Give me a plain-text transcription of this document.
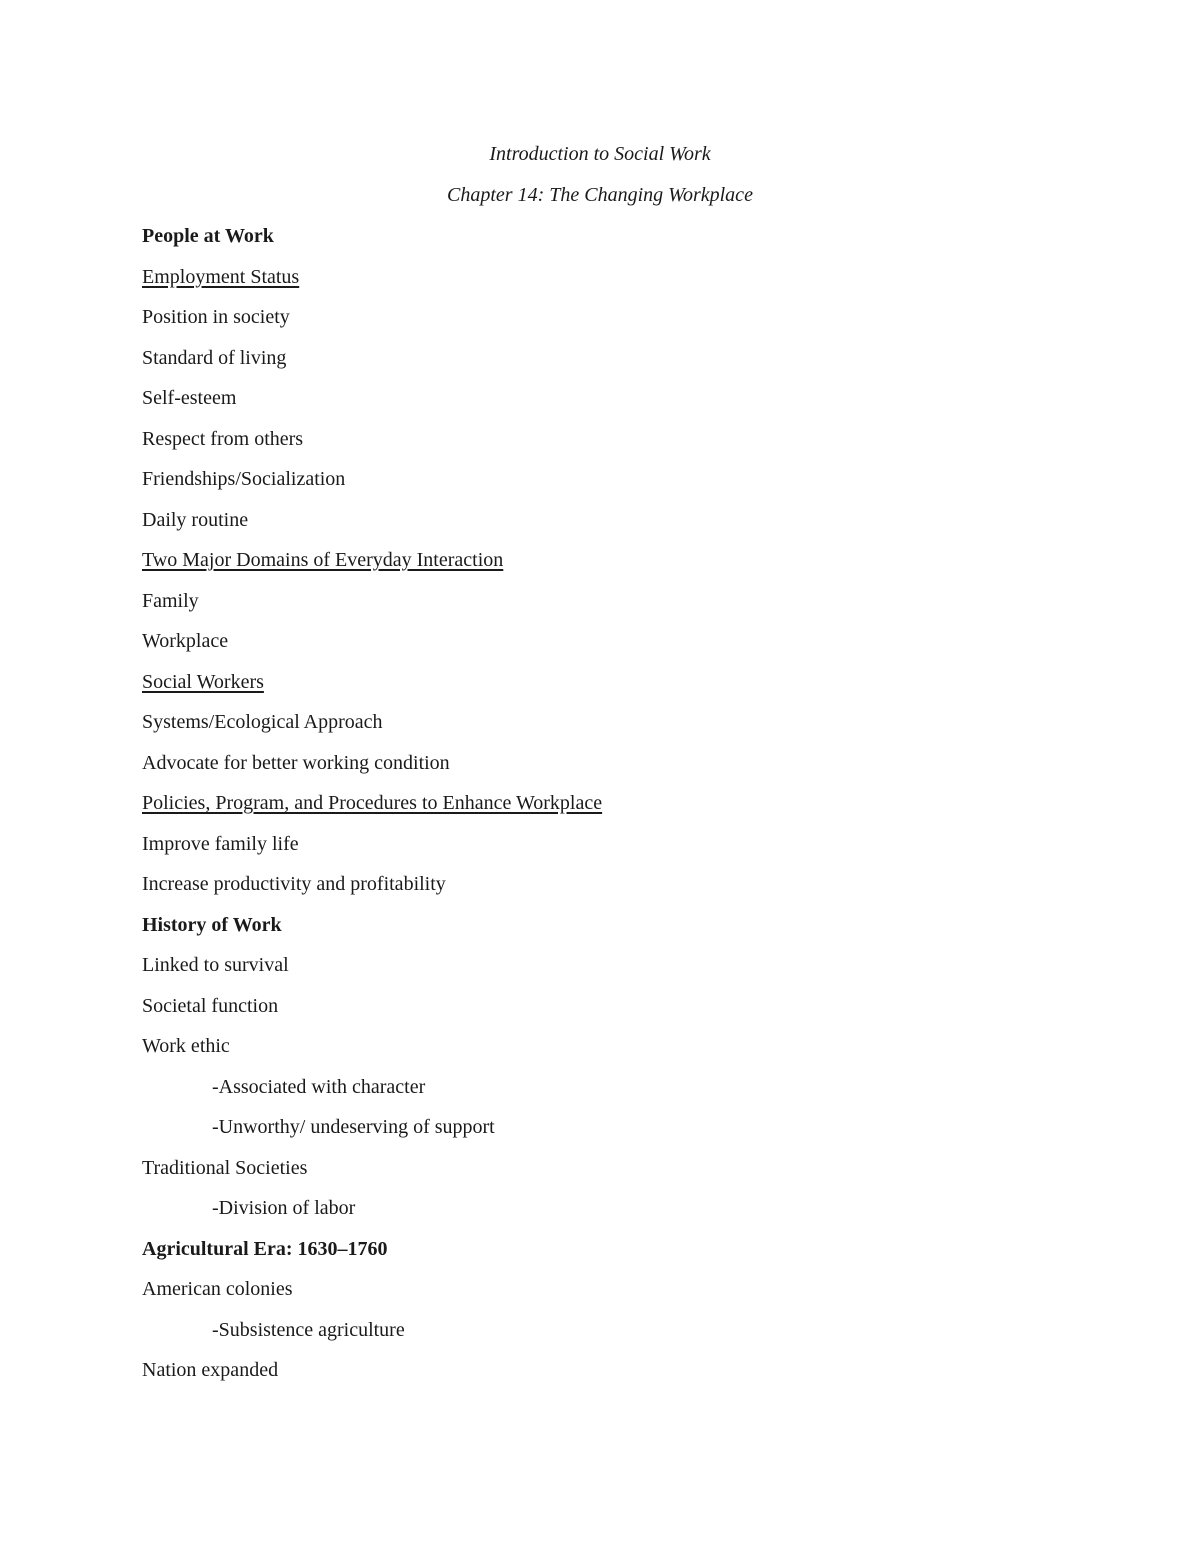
Introduction to Social Work
Chapter 14: The Changing Workplace
People at Work
Employment Status
Position in society
Standard of living
Self-esteem
Respect from others
Friendships/Socialization
Daily routine
Two Major Domains of Everyday Interaction
Family
Workplace
Social Workers
Systems/Ecological Approach
Advocate for better working condition
Policies, Program, and Procedures to Enhance Workplace
Improve family life
Increase productivity and profitability
History of Work
Linked to survival
Societal function
Work ethic
-Associated with character
-Unworthy/ undeserving of support
Traditional Societies
-Division of labor
Agricultural Era: 1630–1760
American colonies
-Subsistence agriculture
Nation expanded
